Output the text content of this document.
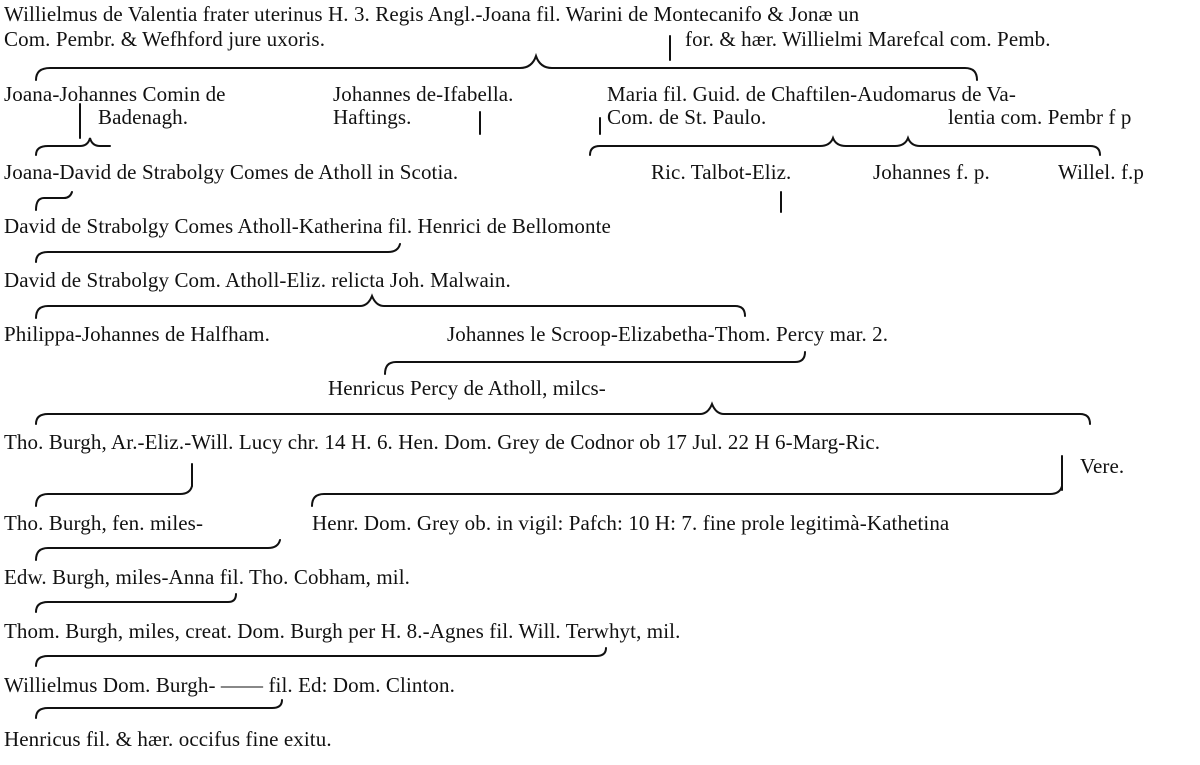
Willielmus de Valentia frater uterinus H. 3. Regis Angl.-Joana fil. Warini de Montecanifo & Jonæ un
Com. Pembr. & Wefhford jure uxoris.	for. & hær. Willielmi Marefcal com. Pemb.
Joana-Johannes Comin de
Badenagh.
Johannes de-Ifabella.
Haftings.
Maria fil. Guid. de Chaftilen-Audomarus de Va-
Com. de St. Paulo.	lentia com. Pembr f p
Joana-David de Strabolgy Comes de Atholl in Scotia.	Ric. Talbot-Eliz.	Johannes f. p.	Willel. f.p
David de Strabolgy Comes Atholl-Katherina fil. Henrici de Bellomonte
David de Strabolgy Com. Atholl-Eliz. relicta Joh. Malwain.
Philippa-Johannes de Halfham.	Johannes le Scroop-Elizabetha-Thom. Percy mar. 2.
Henricus Percy de Atholl, milcs-
Tho. Burgh, Ar.-Eliz.-Will. Lucy chr. 14 H. 6. Hen. Dom. Grey de Codnor ob 17 Jul. 22 H 6-Marg-Ric.
Vere.
Tho. Burgh, fen. miles-	Henr. Dom. Grey ob. in vigil: Pafch: 10 H: 7. fine prole legitimà-Kathetina
Edw. Burgh, miles-Anna fil. Tho. Cobham, mil.
Thom. Burgh, miles, creat. Dom. Burgh per H. 8.-Agnes fil. Will. Terwhyt, mil.
Willielmus Dom. Burgh- —— fil. Ed: Dom. Clinton.
Henricus fil. & hær. occifus fine exitu.
